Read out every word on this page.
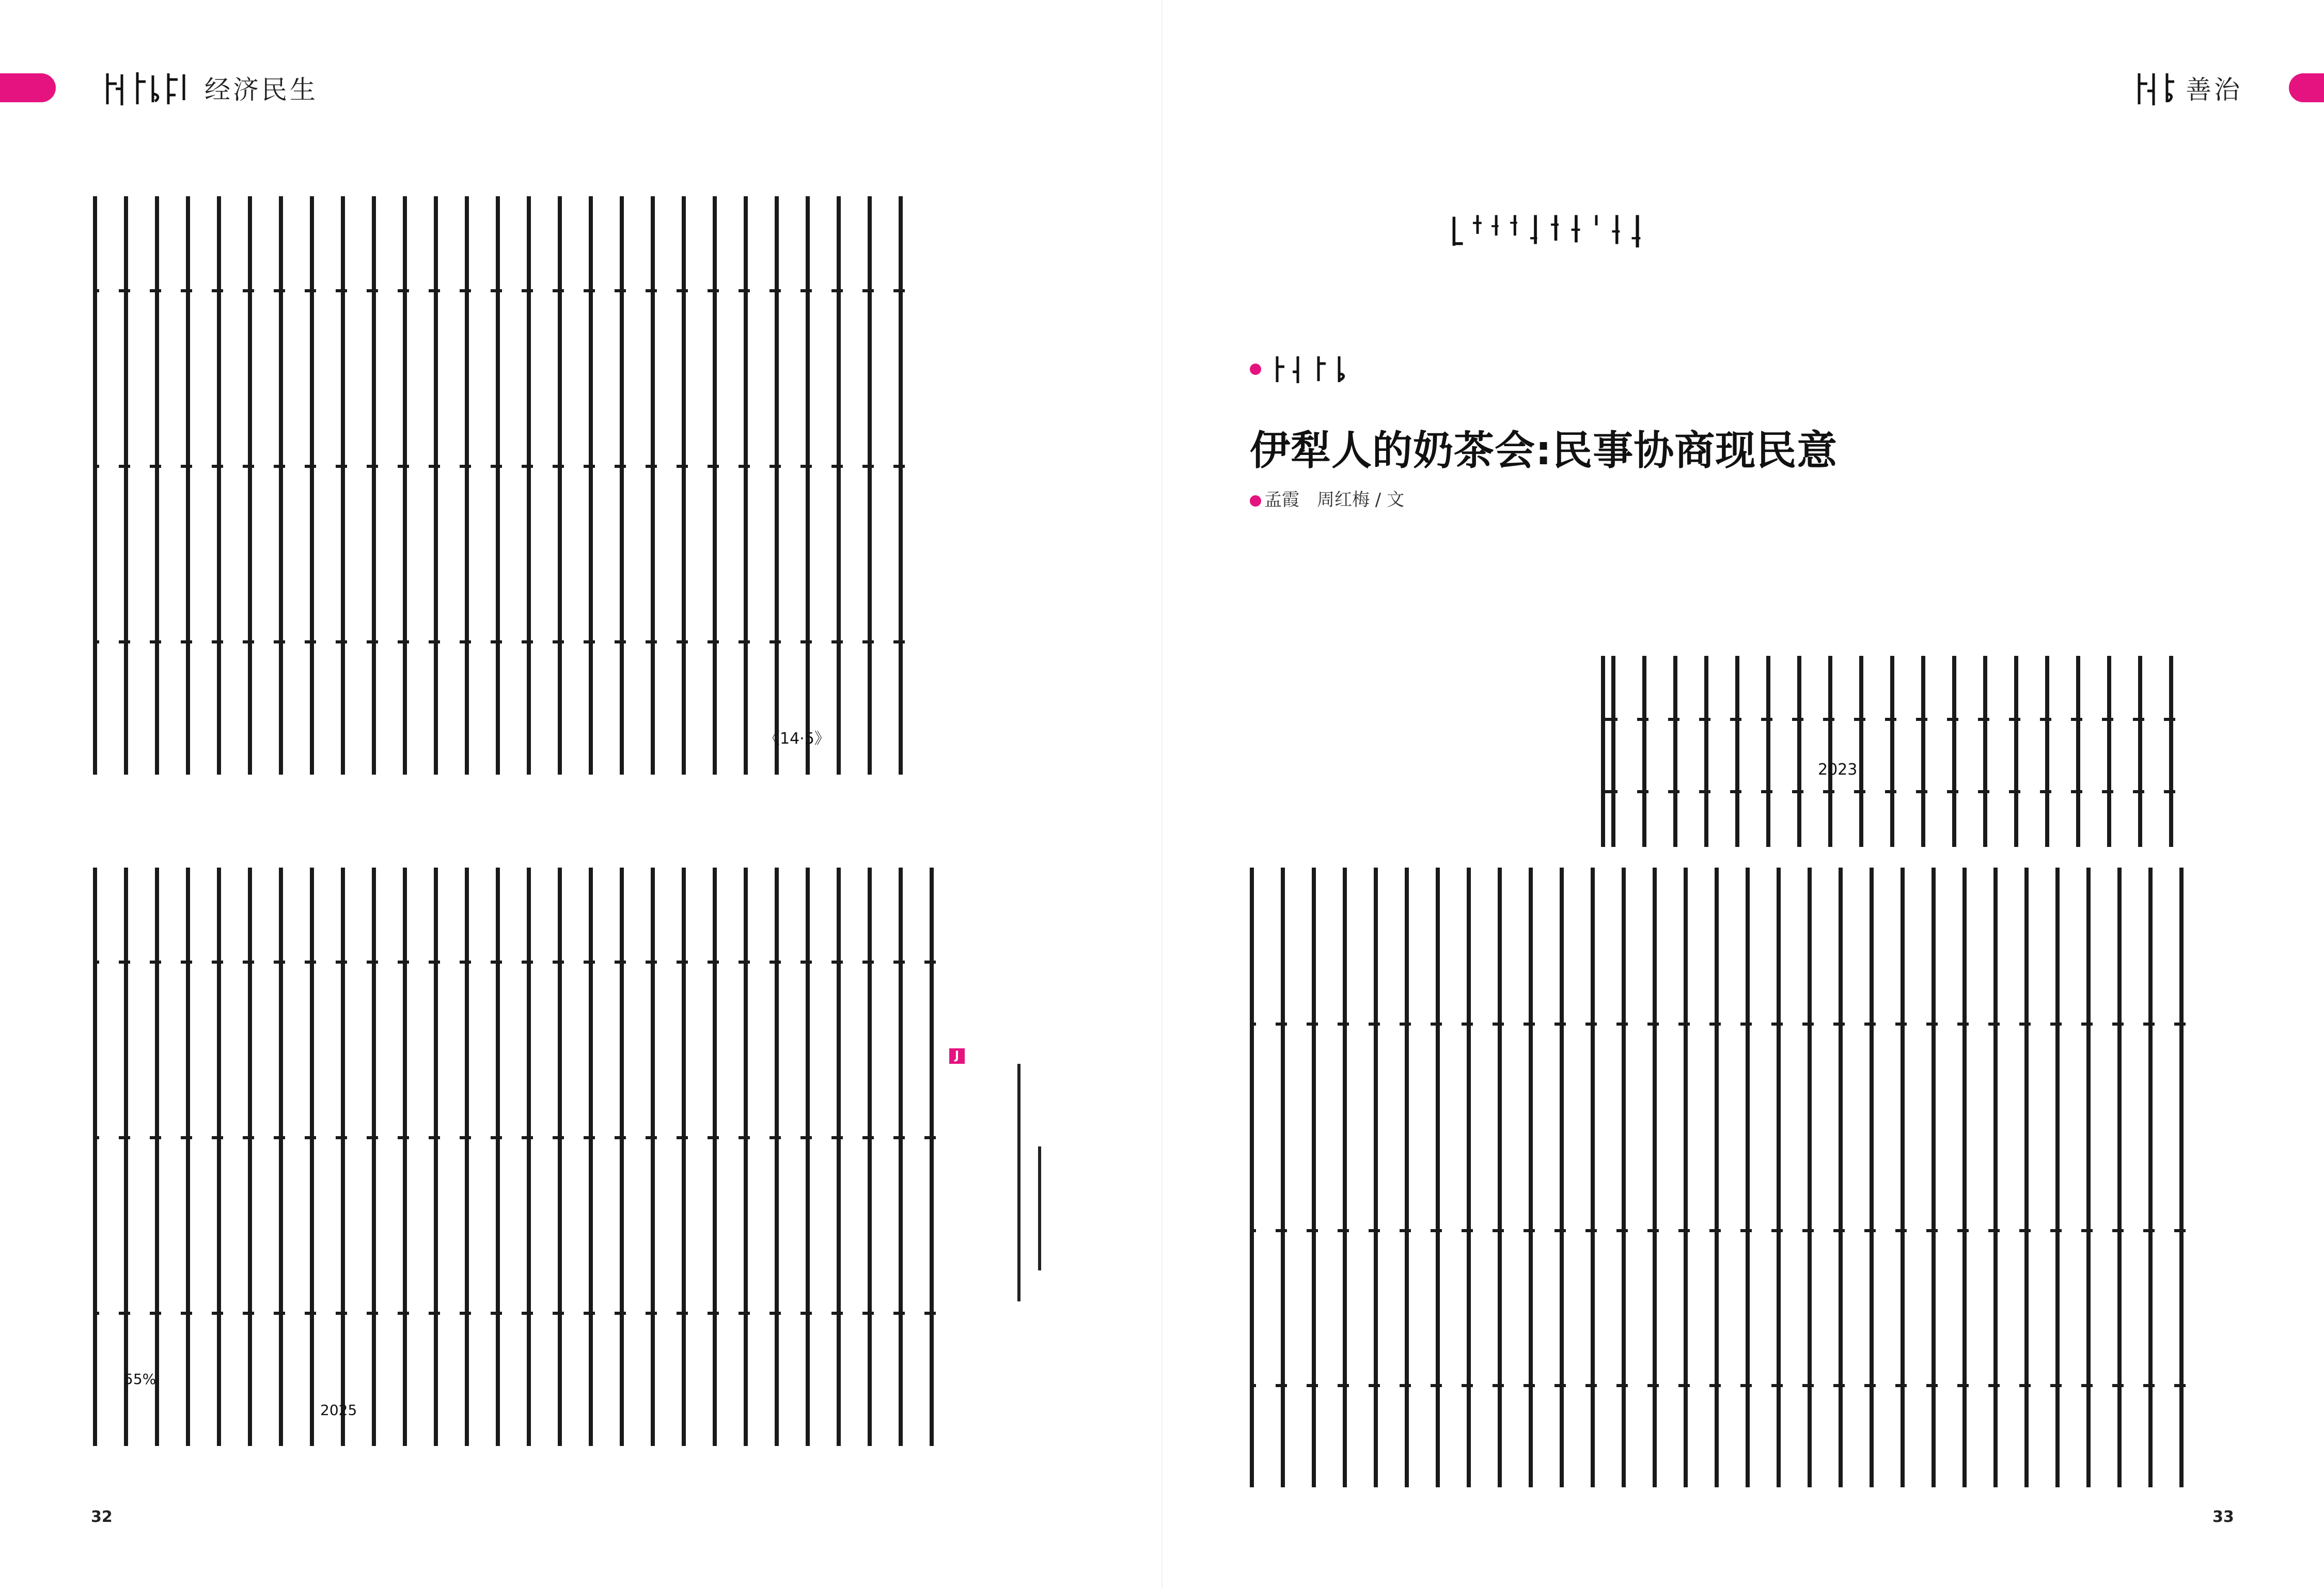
经济民生	善治

伊犁人的奶茶会:民事协商现民意
孟霞　周红梅 / 文
《14·5》
2025
55%
J
2023
32	33
